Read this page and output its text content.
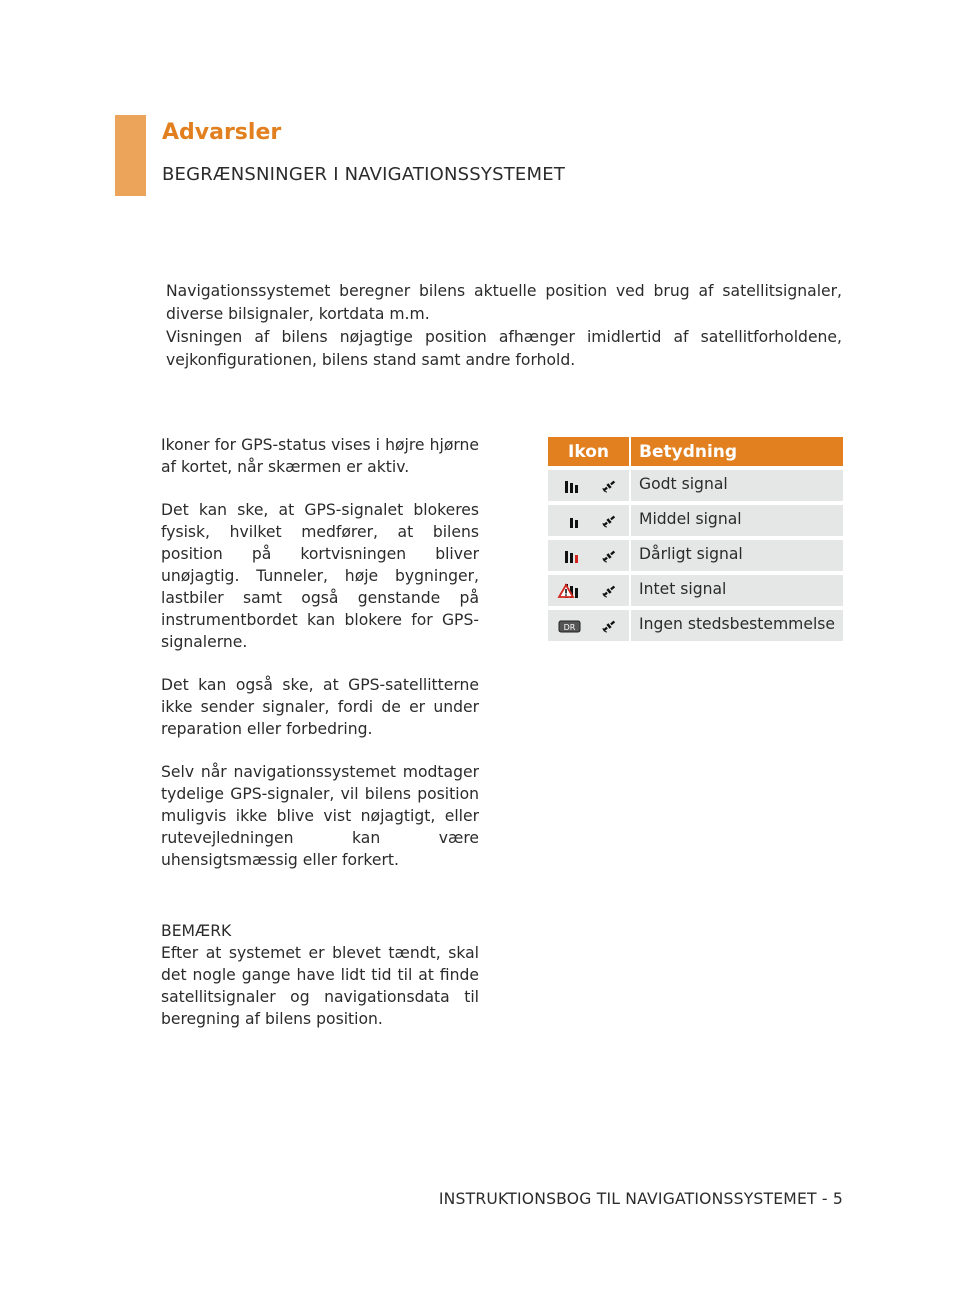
Advarsler
BEGRÆNSNINGER I NAVIGATIONSSYSTEMET

Navigationssystemet beregner bilens aktuelle position ved brug af satellitsignaler, diverse bilsignaler, kortdata m.m.

Visningen af bilens nøjagtige position afhænger imidlertid af satellitforholdene, vejkonfigurationen, bilens stand samt andre forhold.

Ikoner for GPS-status vises i højre hjørne af kortet, når skærmen er aktiv.

Det kan ske, at GPS-signalet blokeres fysisk, hvilket medfører, at bilens position på kortvisningen bliver unøjagtig. Tunneler, høje bygninger, lastbiler samt også genstande på instrumentbordet kan blokere for GPS-signalerne.

Det kan også ske, at GPS-satellitterne ikke sender signaler, fordi de er under reparation eller forbedring.

Selv når navigationssystemet modtager tydelige GPS-signaler, vil bilens position muligvis ikke blive vist nøjagtigt, eller rutevejledningen kan være uhensigtsmæssig eller forkert.

BEMÆRK

Efter at systemet er blevet tændt, skal det nogle gange have lidt tid til at finde satellitsignaler og navigationsdata til beregning af bilens position.

Ikon	Betydning

	Godt signal

	Middel signal

	Dårligt signal

	Intet signal

DR	Ingen stedsbestemmelse
INSTRUKTIONSBOG TIL NAVIGATIONSSYSTEMET - 5
